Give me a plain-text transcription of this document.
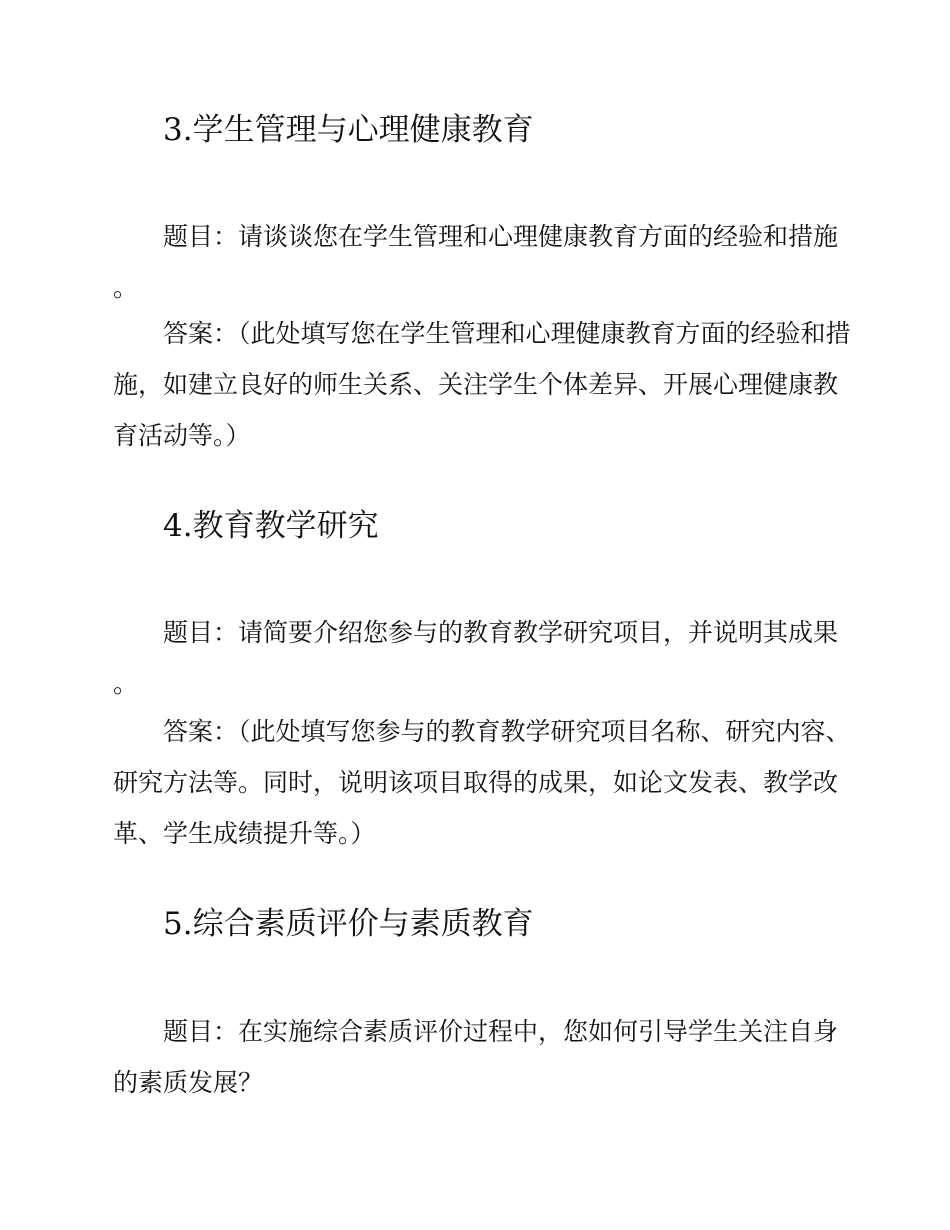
3.学生管理与心理健康教育

题目：请谈谈您在学生管理和心理健康教育方面的经验和措施。

答案：（此处填写您在学生管理和心理健康教育方面的经验和措施，如建立良好的师生关系、关注学生个体差异、开展心理健康教育活动等。）

4.教育教学研究

题目：请简要介绍您参与的教育教学研究项目，并说明其成果。

答案：（此处填写您参与的教育教学研究项目名称、研究内容、研究方法等。同时，说明该项目取得的成果，如论文发表、教学改革、学生成绩提升等。）

5.综合素质评价与素质教育

题目：在实施综合素质评价过程中，您如何引导学生关注自身的素质发展？
